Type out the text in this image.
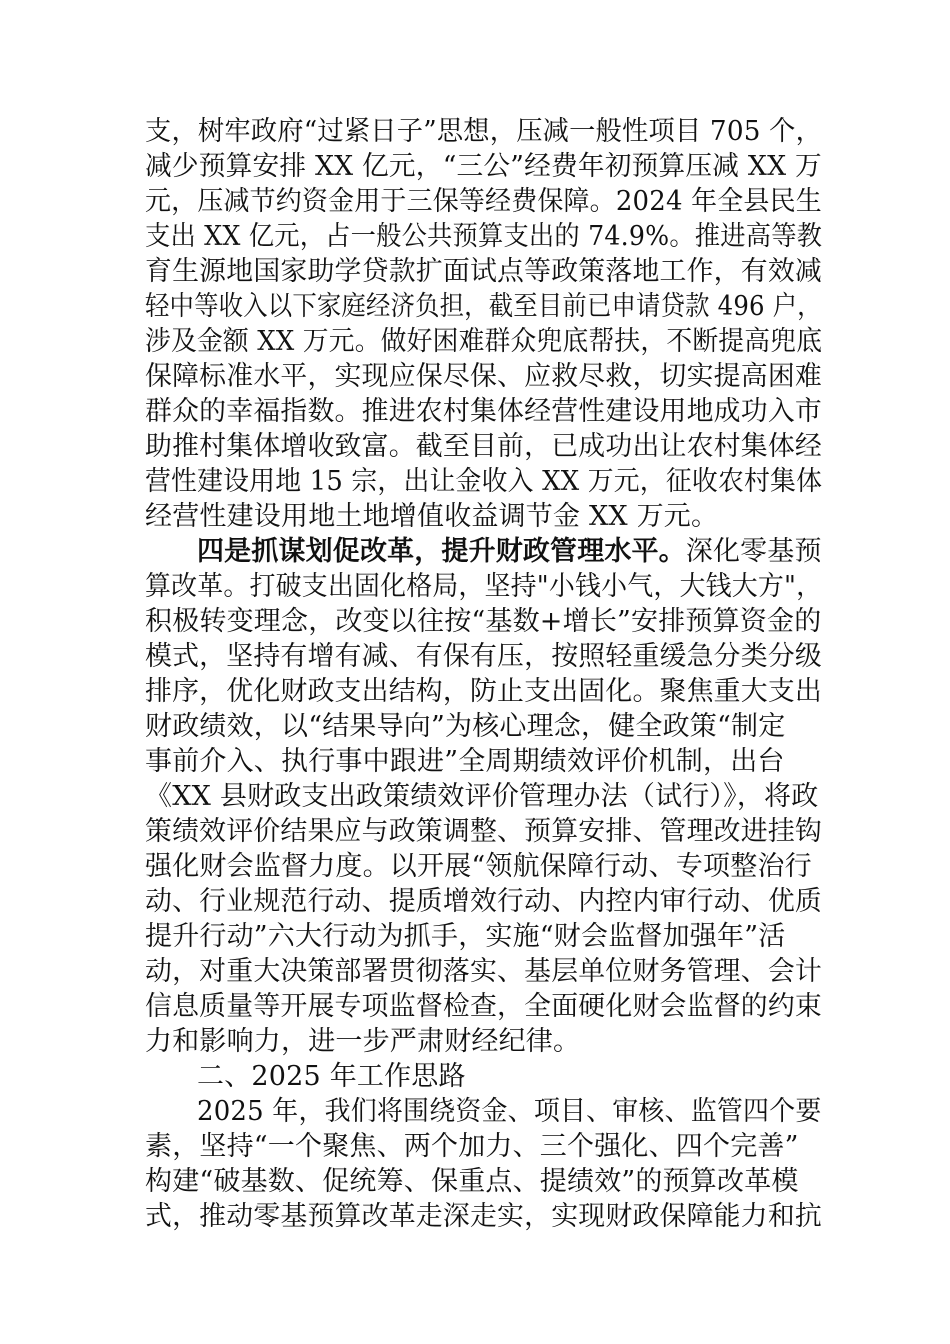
支，树牢政府“过紧日子”思想，压减一般性项目 705 个，
减少预算安排 XX 亿元，“三公”经费年初预算压减 XX 万
元，压减节约资金用于三保等经费保障。2024 年全县民生
支出 XX 亿元，占一般公共预算支出的 74.9%。推进高等教
育生源地国家助学贷款扩面试点等政策落地工作，有效减
轻中等收入以下家庭经济负担，截至目前已申请贷款 496 户，
涉及金额 XX 万元。做好困难群众兜底帮扶，不断提高兜底
保障标准水平，实现应保尽保、应救尽救，切实提高困难
群众的幸福指数。推进农村集体经营性建设用地成功入市
助推村集体增收致富。截至目前，已成功出让农村集体经
营性建设用地 15 宗，出让金收入 XX 万元，征收农村集体
经营性建设用地土地增值收益调节金 XX 万元。
四是抓谋划促改革，提升财政管理水平。深化零基预
算改革。打破支出固化格局，坚持"小钱小气，大钱大方"，
积极转变理念，改变以往按“基数+增长”安排预算资金的
模式，坚持有增有减、有保有压，按照轻重缓急分类分级
排序，优化财政支出结构，防止支出固化。聚焦重大支出
财政绩效，以“结果导向”为核心理念，健全政策“制定
事前介入、执行事中跟进”全周期绩效评价机制，出台
《XX 县财政支出政策绩效评价管理办法（试行）》，将政
策绩效评价结果应与政策调整、预算安排、管理改进挂钩
强化财会监督力度。以开展“领航保障行动、专项整治行
动、行业规范行动、提质增效行动、内控内审行动、优质
提升行动”六大行动为抓手，实施“财会监督加强年”活
动，对重大决策部署贯彻落实、基层单位财务管理、会计
信息质量等开展专项监督检查，全面硬化财会监督的约束
力和影响力，进一步严肃财经纪律。
二、2025 年工作思路
2025 年，我们将围绕资金、项目、审核、监管四个要
素，坚持“一个聚焦、两个加力、三个强化、四个完善”
构建“破基数、促统筹、保重点、提绩效”的预算改革模
式，推动零基预算改革走深走实，实现财政保障能力和抗
